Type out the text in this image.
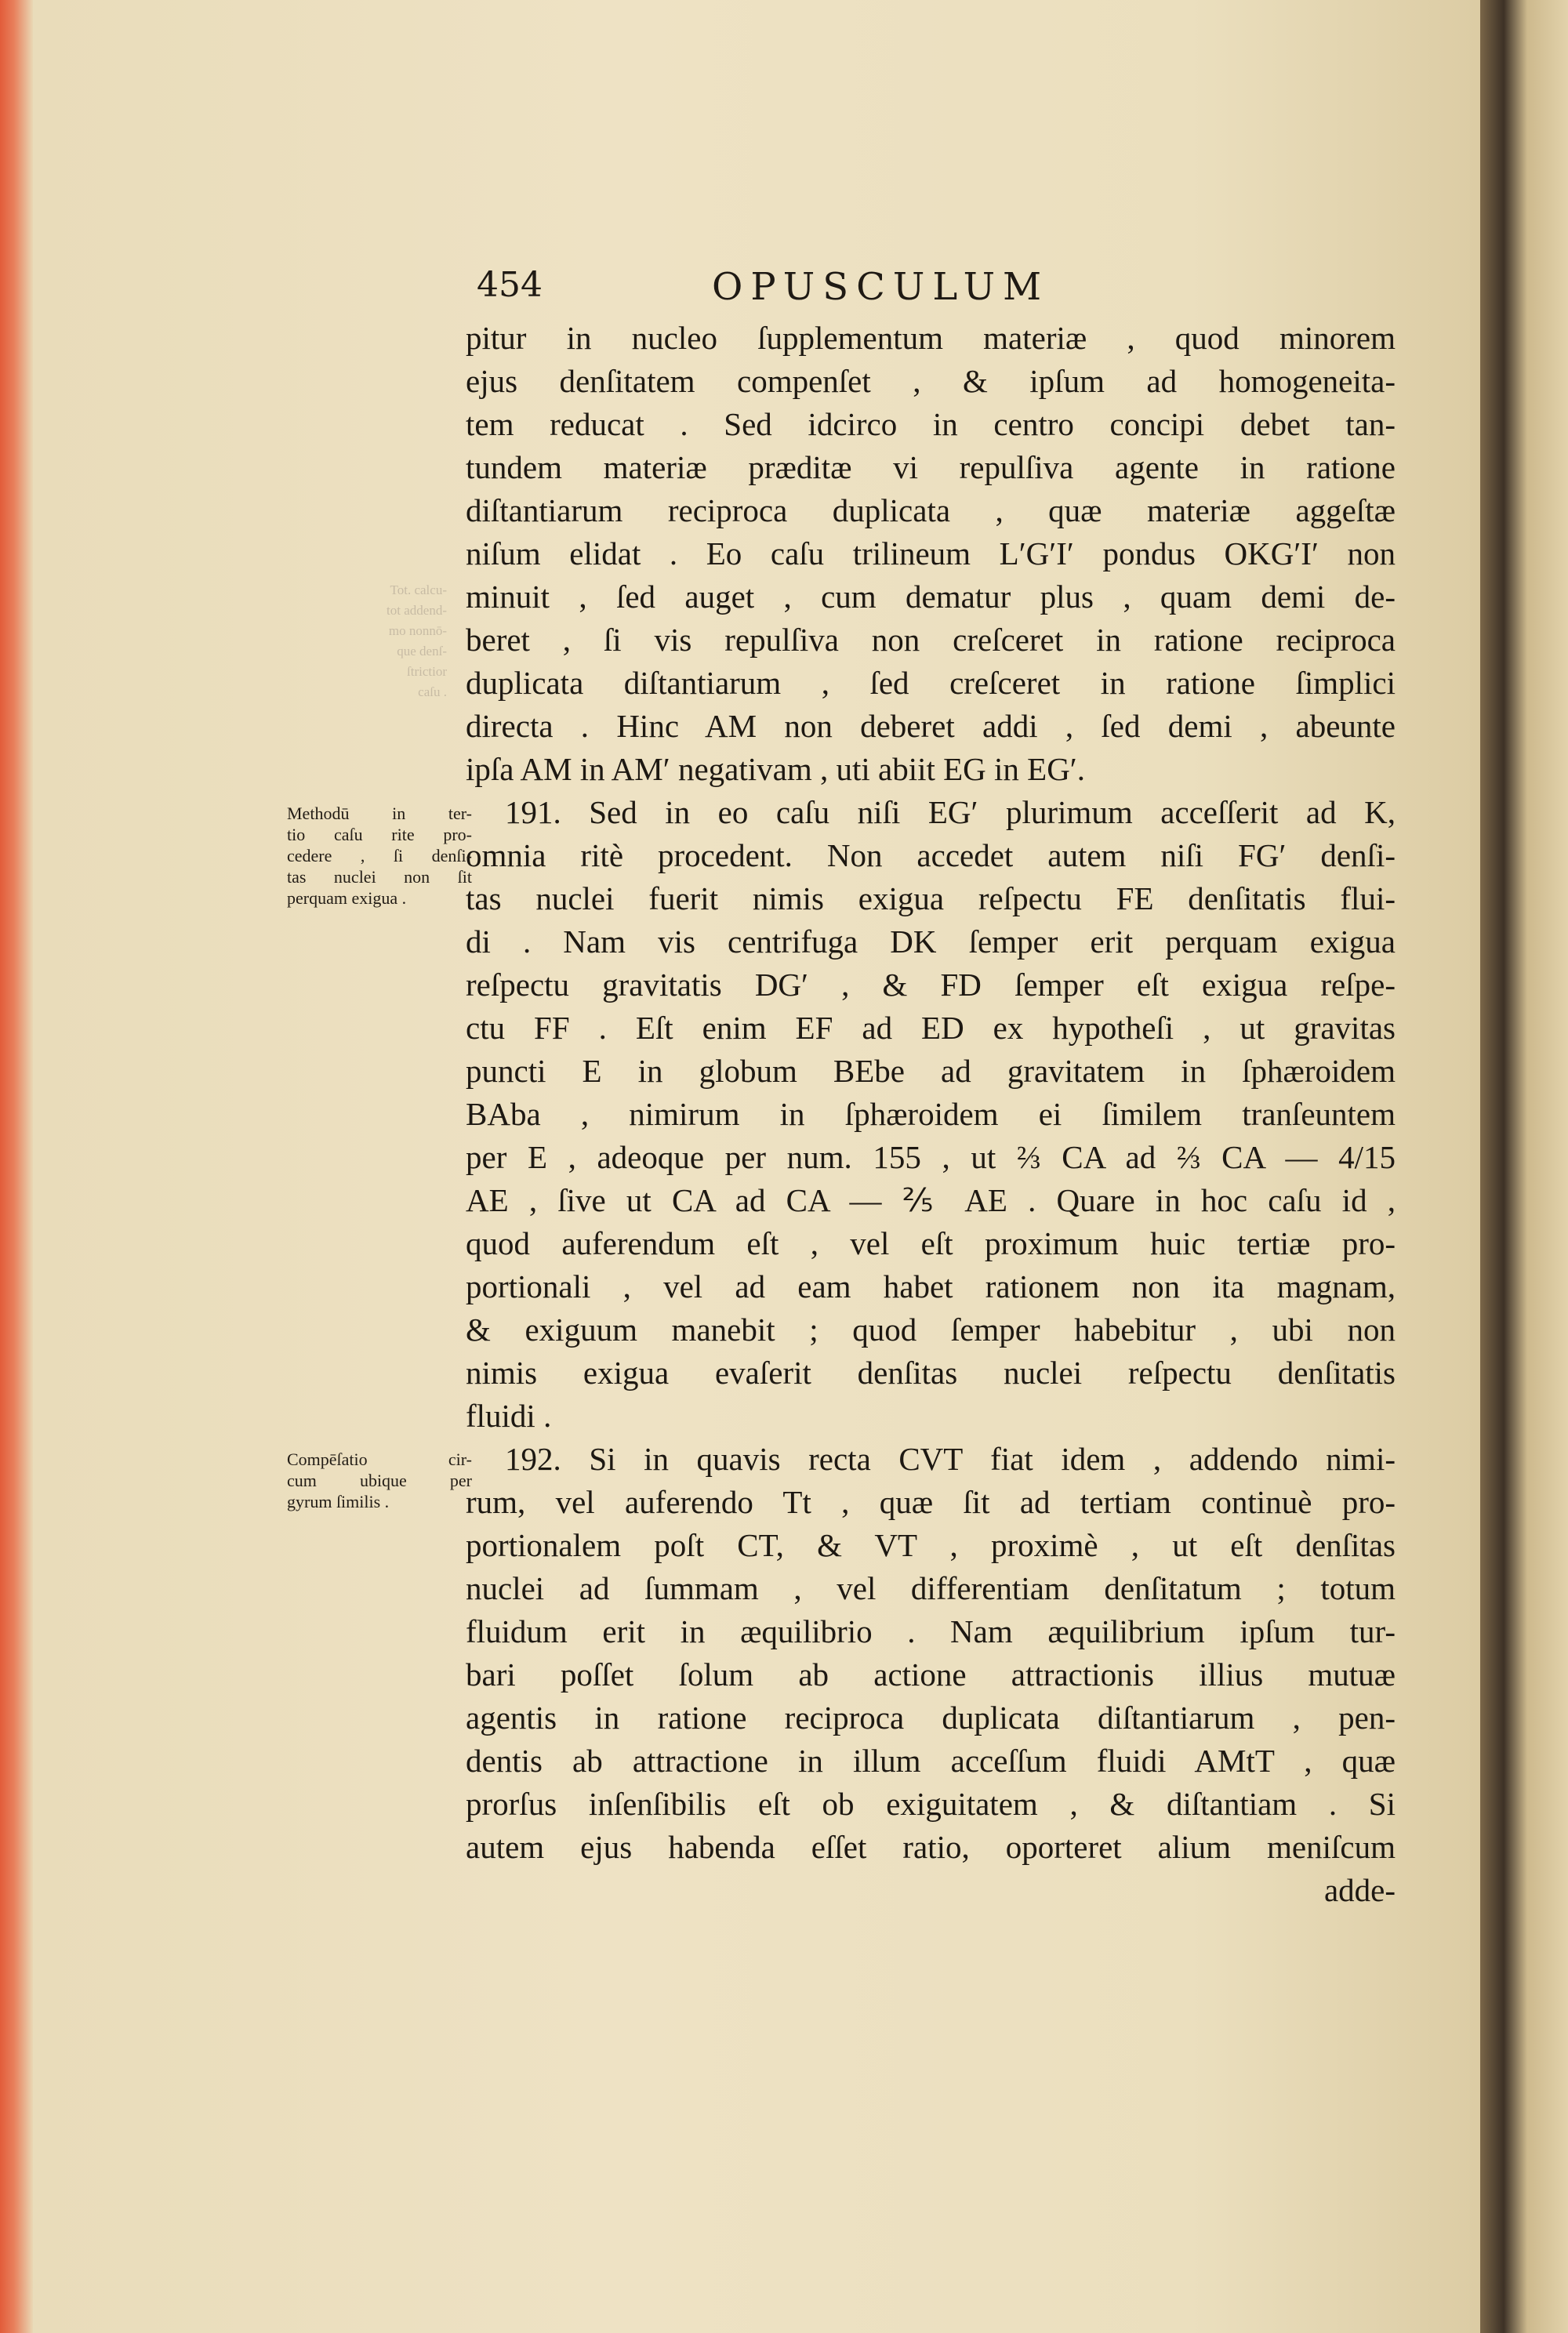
Tot. calcu-
tot addend-
mo nonnō-
que denſ-
ſtrictior
caſu .
454	OPUSCULUM
pitur in nucleo ſupplementum materiæ , quod minorem
ejus denſitatem compenſet , & ipſum ad homogeneita-
tem reducat . Sed idcirco in centro concipi debet tan-
tundem materiæ præditæ vi repulſiva agente in ratione
diſtantiarum reciproca duplicata , quæ materiæ aggeſtæ
niſum elidat . Eo caſu trilineum L′G′I′ pondus OKG′I′ non
minuit , ſed auget , cum dematur plus , quam demi de-
beret , ſi vis repulſiva non creſceret in ratione reciproca
duplicata diſtantiarum , ſed creſceret in ratione ſimplici
directa . Hinc AM non deberet addi , ſed demi , abeunte
ipſa AM in AM′ negativam , uti abiit EG in EG′.
191. Sed in eo caſu niſi EG′ plurimum acceſſerit ad K,
omnia ritè procedent. Non accedet autem niſi FG′ denſi-
tas nuclei fuerit nimis exigua reſpectu FE denſitatis flui-
di . Nam vis centrifuga DK ſemper erit perquam exigua
reſpectu gravitatis DG′ , & FD ſemper eſt exigua reſpe-
ctu FF . Eſt enim EF ad ED ex hypotheſi , ut gravitas
puncti E in globum BEbe ad gravitatem in ſphæroidem
BAba , nimirum in ſphæroidem ei ſimilem tranſeuntem
per E , adeoque per num. 155 , ut ⅔ CA ad ⅔ CA — 4/15
AE , ſive ut CA ad CA — ⅖ AE . Quare in hoc caſu id ,
quod auferendum eſt , vel eſt proximum huic tertiæ pro-
portionali , vel ad eam habet rationem non ita magnam,
& exiguum manebit ; quod ſemper habebitur , ubi non
nimis exigua evaſerit denſitas nuclei reſpectu denſitatis
fluidi .
192. Si in quavis recta CVT fiat idem , addendo nimi-
rum, vel auferendo Tt , quæ ſit ad tertiam continuè pro-
portionalem poſt CT, & VT , proximè , ut eſt denſitas
nuclei ad ſummam , vel differentiam denſitatum ; totum
fluidum erit in æquilibrio . Nam æquilibrium ipſum tur-
bari poſſet ſolum ab actione attractionis illius mutuæ
agentis in ratione reciproca duplicata diſtantiarum , pen-
dentis ab attractione in illum acceſſum fluidi AMtT , quæ
prorſus inſenſibilis eſt ob exiguitatem , & diſtantiam . Si
autem ejus habenda eſſet ratio, oporteret alium meniſcum
adde-
Methodū in ter-
tio caſu rite pro-
cedere , ſi denſi-
tas nuclei non ſit
perquam exigua .
Compēſatio cir-
cum ubique per
gyrum ſimilis .
